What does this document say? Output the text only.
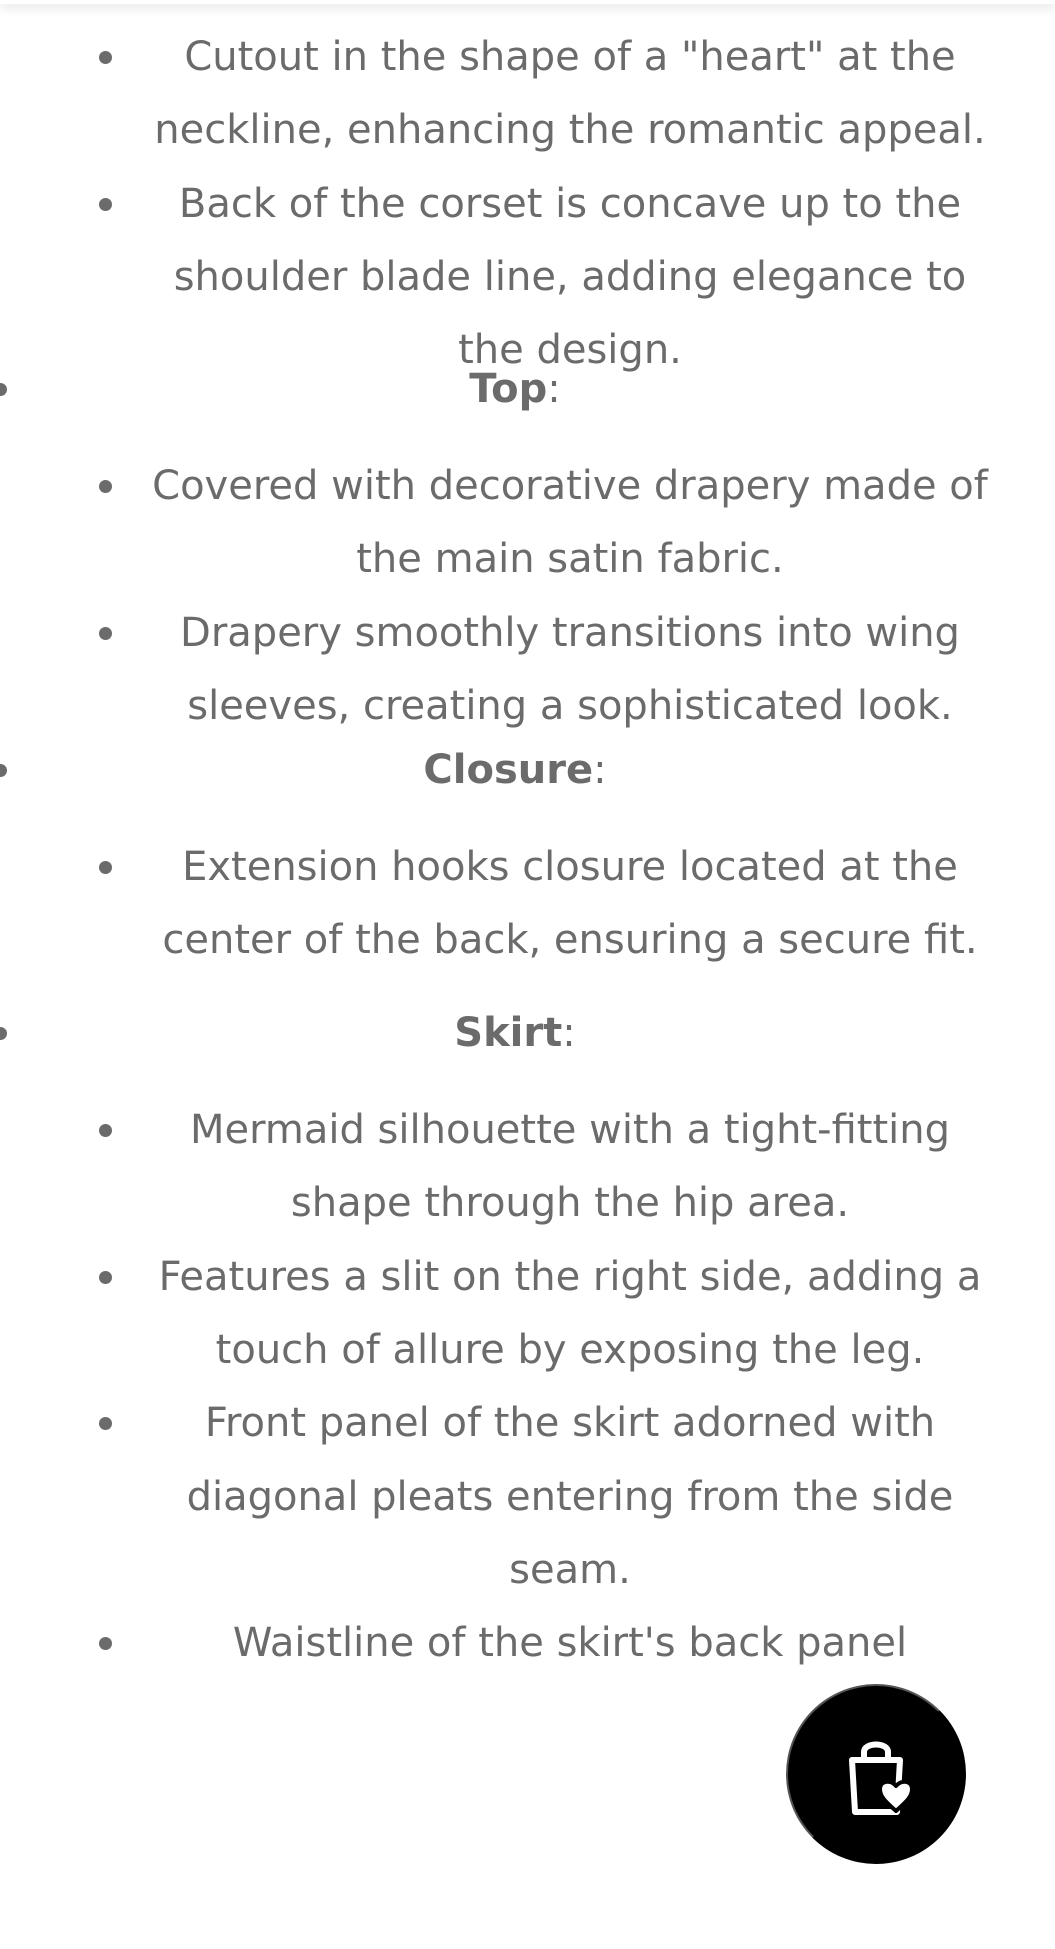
Cutout in the shape of a "heart" at the
neckline, enhancing the romantic appeal.
Back of the corset is concave up to the
shoulder blade line, adding elegance to
the design.
Top:
Covered with decorative drapery made of
the main satin fabric.
Drapery smoothly transitions into wing
sleeves, creating a sophisticated look.
Closure:
Extension hooks closure located at the
center of the back, ensuring a secure fit.
Skirt:
Mermaid silhouette with a tight-fitting
shape through the hip area.
Features a slit on the right side, adding a
touch of allure by exposing the leg.
Front panel of the skirt adorned with
diagonal pleats entering from the side
seam.
Waistline of the skirt's back panel
